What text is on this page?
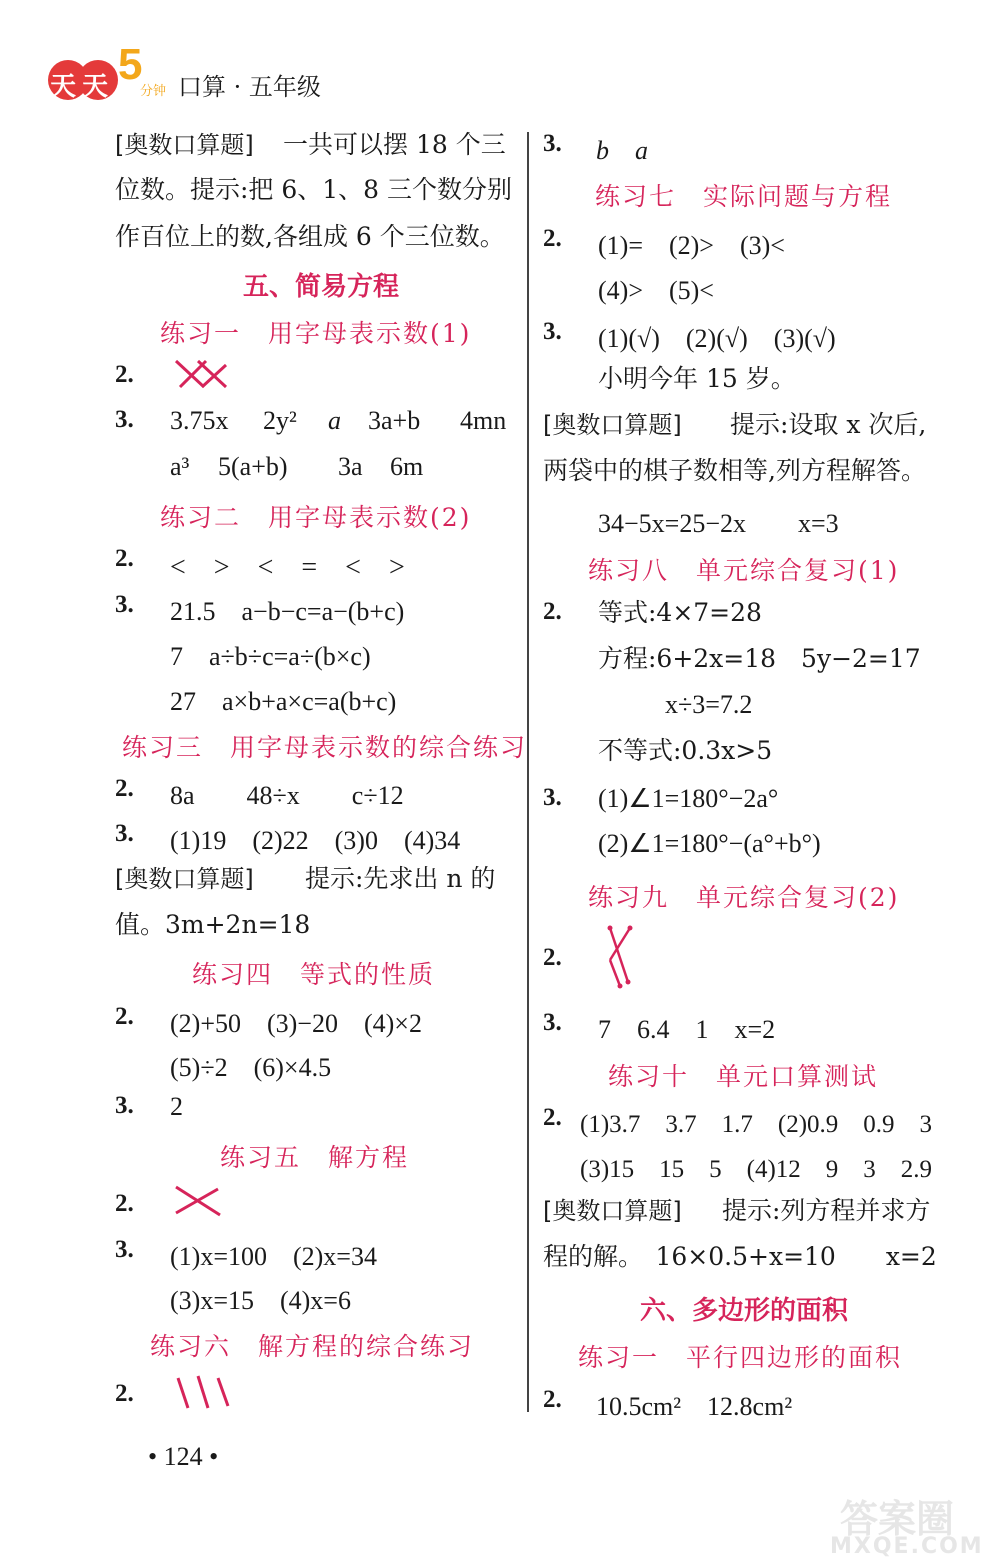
天天 5
分钟 口算 · 五年级
[奥数口算题] 一共可以摆 18 个三
位数。提示:把 6、1、8 三个数分别
作百位上的数,各组成 6 个三位数。
五、简易方程
练习一　用字母表示数(1)
2.
3. 3.75x 2y² a 3a+b 4mn
a³ 5(a+b) 3a 6m
练习二　用字母表示数(2)
2. <　>　<　=　<　>
3. 21.5　a−b−c=a−(b+c)
7　a÷b÷c=a÷(b×c)
27　a×b+a×c=a(b+c)
练习三　用字母表示数的综合练习
2. 8a　　48÷x　　c÷12
3. (1)19　(2)22　(3)0　(4)34
[奥数口算题] 提示:先求出 n 的
值。3m+2n=18
练习四　等式的性质
2. (2)+50　(3)−20　(4)×2
(5)÷2　(6)×4.5
3. 2
练习五　解方程
2.
3. (1)x=100　(2)x=34
(3)x=15　(4)x=6
练习六　解方程的综合练习
2.
• 124 •
3. b　a
练习七　实际问题与方程
2. (1)=　(2)>　(3)<
(4)>　(5)<
3. (1)(√)　(2)(√)　(3)(√)
小明今年 15 岁。
[奥数口算题] 提示:设取 x 次后,
两袋中的棋子数相等,列方程解答。
34−5x=25−2x　　x=3
练习八　单元综合复习(1)
2. 等式:4×7=28
方程:6+2x=18　5y−2=17
x÷3=7.2
不等式:0.3x>5
3. (1)∠1=180°−2a°
(2)∠1=180°−(a°+b°)
练习九　单元综合复习(2)
2.
3. 7　6.4　1　x=2
练习十　单元口算测试
2. (1)3.7　3.7　1.7　(2)0.9　0.9　3
(3)15　15　5　(4)12　9　3　2.9
[奥数口算题] 提示:列方程并求方
程的解。　16×0.5+x=10　　x=2
六、多边形的面积
练习一　平行四边形的面积
2. 10.5cm²　12.8cm²
答案圈
MXQE.COM
